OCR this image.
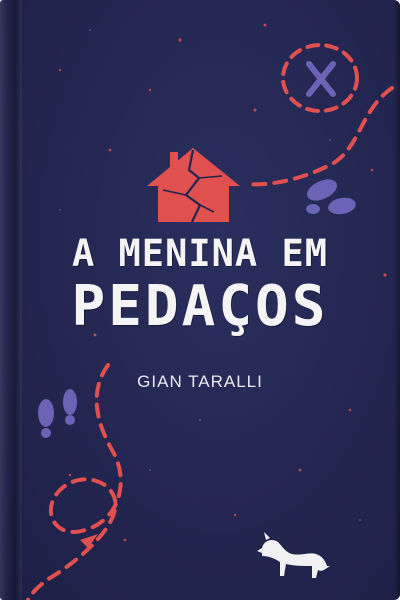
A MENINA EM
PEDAÇOS
GIAN TARALLI
